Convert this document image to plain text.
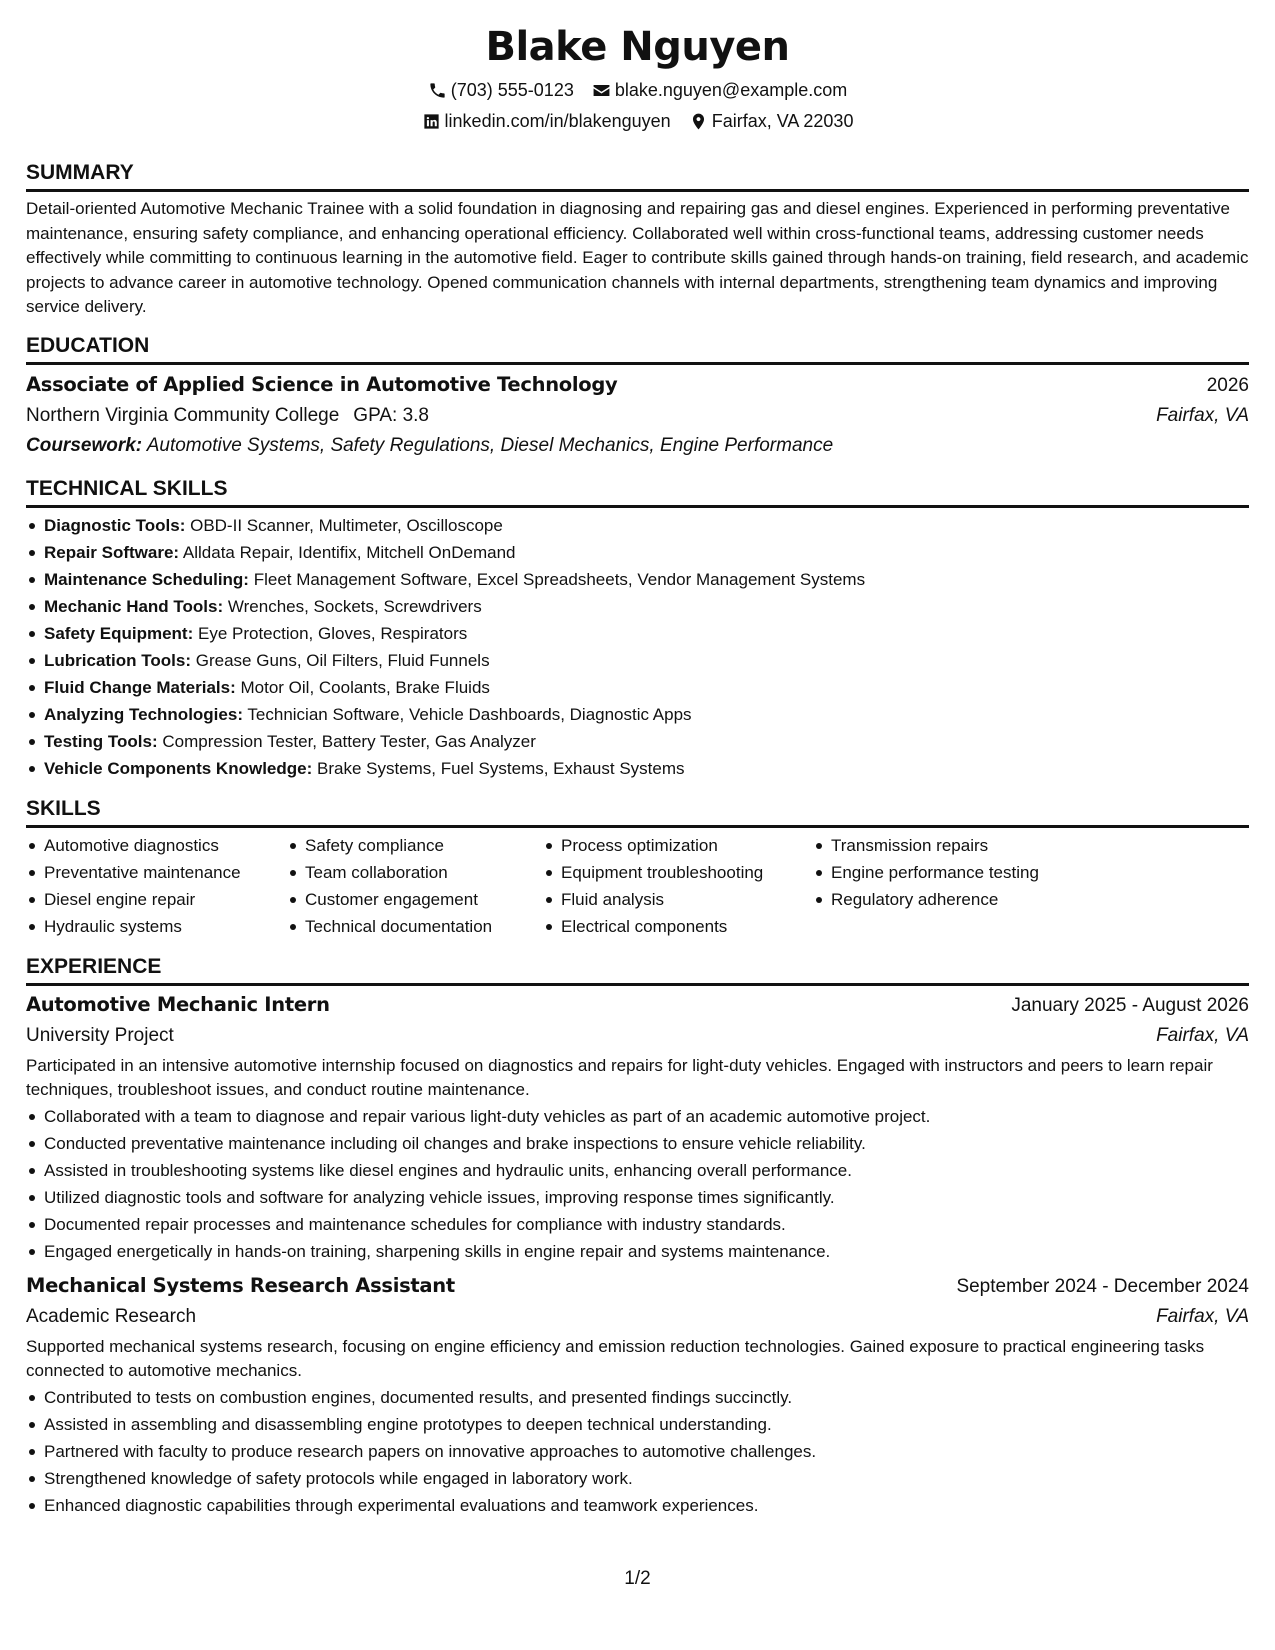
Blake Nguyen
(703) 555-0123 blake.nguyen@example.com
linkedin.com/in/blakenguyen Fairfax, VA 22030
SUMMARY

Detail-oriented Automotive Mechanic Trainee with a solid foundation in diagnosing and repairing gas and diesel engines. Experienced in performing preventative maintenance, ensuring safety compliance, and enhancing operational efficiency. Collaborated well within cross-functional teams, addressing customer needs effectively while committing to continuous learning in the automotive field. Eager to contribute skills gained through hands-on training, field research, and academic projects to advance career in automotive technology. Opened communication channels with internal departments, strengthening team dynamics and improving service delivery.

EDUCATION
Associate of Applied Science in Automotive Technology	2026
Northern Virginia Community College GPA: 3.8	Fairfax, VA
Coursework: Automotive Systems, Safety Regulations, Diesel Mechanics, Engine Performance
TECHNICAL SKILLS
Diagnostic Tools: OBD-II Scanner, Multimeter, Oscilloscope
Repair Software: Alldata Repair, Identifix, Mitchell OnDemand
Maintenance Scheduling: Fleet Management Software, Excel Spreadsheets, Vendor Management Systems
Mechanic Hand Tools: Wrenches, Sockets, Screwdrivers
Safety Equipment: Eye Protection, Gloves, Respirators
Lubrication Tools: Grease Guns, Oil Filters, Fluid Funnels
Fluid Change Materials: Motor Oil, Coolants, Brake Fluids
Analyzing Technologies: Technician Software, Vehicle Dashboards, Diagnostic Apps
Testing Tools: Compression Tester, Battery Tester, Gas Analyzer
Vehicle Components Knowledge: Brake Systems, Fuel Systems, Exhaust Systems
SKILLS
Automotive diagnostics
Preventative maintenance
Diesel engine repair
Hydraulic systems
Safety compliance
Team collaboration
Customer engagement
Technical documentation
Process optimization
Equipment troubleshooting
Fluid analysis
Electrical components
Transmission repairs
Engine performance testing
Regulatory adherence
EXPERIENCE
Automotive Mechanic Intern	January 2025 - August 2026
University Project	Fairfax, VA

Participated in an intensive automotive internship focused on diagnostics and repairs for light-duty vehicles. Engaged with instructors and peers to learn repair techniques, troubleshoot issues, and conduct routine maintenance.

Collaborated with a team to diagnose and repair various light-duty vehicles as part of an academic automotive project.
Conducted preventative maintenance including oil changes and brake inspections to ensure vehicle reliability.
Assisted in troubleshooting systems like diesel engines and hydraulic units, enhancing overall performance.
Utilized diagnostic tools and software for analyzing vehicle issues, improving response times significantly.
Documented repair processes and maintenance schedules for compliance with industry standards.
Engaged energetically in hands-on training, sharpening skills in engine repair and systems maintenance.
Mechanical Systems Research Assistant	September 2024 - December 2024
Academic Research	Fairfax, VA

Supported mechanical systems research, focusing on engine efficiency and emission reduction technologies. Gained exposure to practical engineering tasks connected to automotive mechanics.

Contributed to tests on combustion engines, documented results, and presented findings succinctly.
Assisted in assembling and disassembling engine prototypes to deepen technical understanding.
Partnered with faculty to produce research papers on innovative approaches to automotive challenges.
Strengthened knowledge of safety protocols while engaged in laboratory work.
Enhanced diagnostic capabilities through experimental evaluations and teamwork experiences.
1/2
